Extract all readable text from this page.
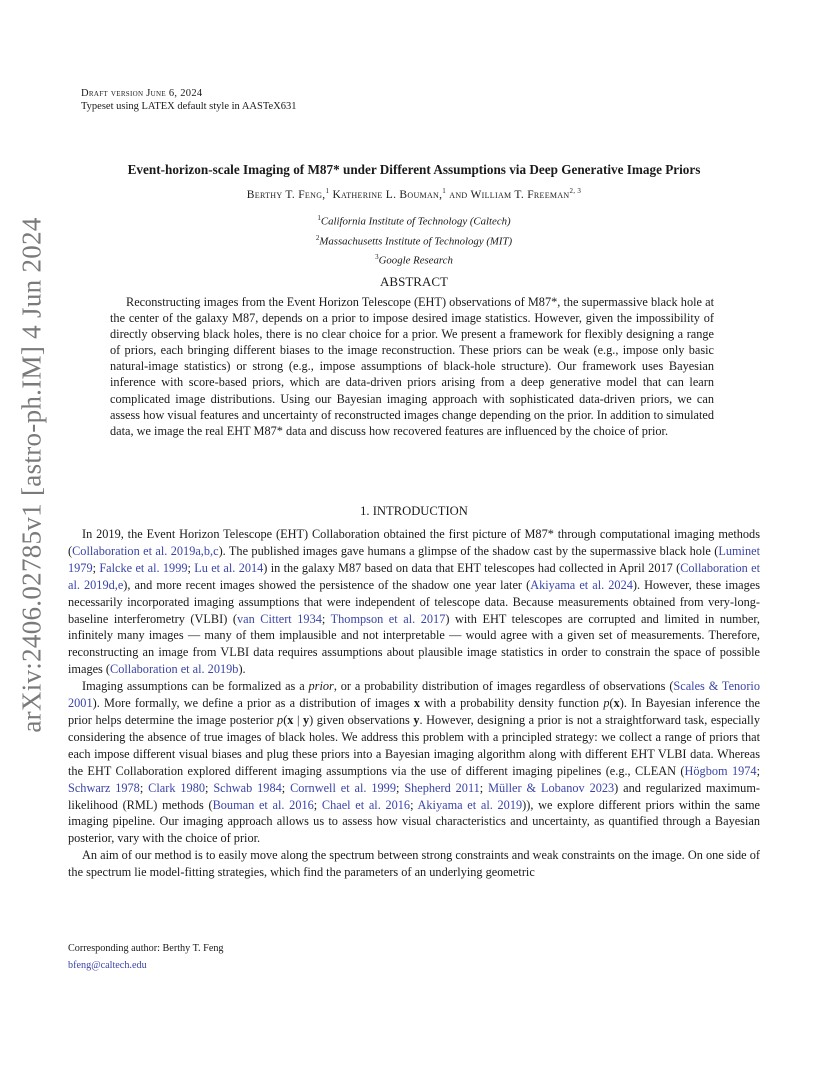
arXiv:2406.02785v1 [astro-ph.IM] 4 Jun 2024
Draft version June 6, 2024
Typeset using LATEX default style in AASTeX631
Event-horizon-scale Imaging of M87* under Different Assumptions via Deep Generative Image Priors
Berthy T. Feng,$^1$ Katherine L. Bouman,$^1$ and William T. Freeman$^{2, 3}$
$^1$California Institute of Technology (Caltech)
$^2$Massachusetts Institute of Technology (MIT)
$^3$Google Research
ABSTRACT

Reconstructing images from the Event Horizon Telescope (EHT) observations of M87*, the supermassive black hole at the center of the galaxy M87, depends on a prior to impose desired image statistics. However, given the impossibility of directly observing black holes, there is no clear choice for a prior. We present a framework for flexibly designing a range of priors, each bringing different biases to the image reconstruction. These priors can be weak (e.g., impose only basic natural-image statistics) or strong (e.g., impose assumptions of black-hole structure). Our framework uses Bayesian inference with score-based priors, which are data-driven priors arising from a deep generative model that can learn complicated image distributions. Using our Bayesian imaging approach with sophisticated data-driven priors, we can assess how visual features and uncertainty of reconstructed images change depending on the prior. In addition to simulated data, we image the real EHT M87* data and discuss how recovered features are influenced by the choice of prior.

1. INTRODUCTION

In 2019, the Event Horizon Telescope (EHT) Collaboration obtained the first picture of M87* through computational imaging methods (Collaboration et al. 2019a,b,c). The published images gave humans a glimpse of the shadow cast by the supermassive black hole (Luminet 1979; Falcke et al. 1999; Lu et al. 2014) in the galaxy M87 based on data that EHT telescopes had collected in April 2017 (Collaboration et al. 2019d,e), and more recent images showed the persistence of the shadow one year later (Akiyama et al. 2024). However, these images necessarily incorporated imaging assumptions that were independent of telescope data. Because measurements obtained from very-long-baseline interferometry (VLBI) (van Cittert 1934; Thompson et al. 2017) with EHT telescopes are corrupted and limited in number, infinitely many images — many of them implausible and not interpretable — would agree with a given set of measurements. Therefore, reconstructing an image from VLBI data requires assumptions about plausible image statistics in order to constrain the space of possible images (Collaboration et al. 2019b).

Imaging assumptions can be formalized as a prior, or a probability distribution of images regardless of observations (Scales & Tenorio 2001). More formally, we define a prior as a distribution of images x with a probability density function p(x). In Bayesian inference the prior helps determine the image posterior p(x | y) given observations y. However, designing a prior is not a straightforward task, especially considering the absence of true images of black holes. We address this problem with a principled strategy: we collect a range of priors that each impose different visual biases and plug these priors into a Bayesian imaging algorithm along with different EHT VLBI data. Whereas the EHT Collaboration explored different imaging assumptions via the use of different imaging pipelines (e.g., CLEAN (Högbom 1974; Schwarz 1978; Clark 1980; Schwab 1984; Cornwell et al. 1999; Shepherd 2011; Müller & Lobanov 2023) and regularized maximum-likelihood (RML) methods (Bouman et al. 2016; Chael et al. 2016; Akiyama et al. 2019)), we explore different priors within the same imaging pipeline. Our imaging approach allows us to assess how visual characteristics and uncertainty, as quantified through a Bayesian posterior, vary with the choice of prior.

An aim of our method is to easily move along the spectrum between strong constraints and weak constraints on the image. On one side of the spectrum lie model-fitting strategies, which find the parameters of an underlying geometric

Corresponding author: Berthy T. Feng
bfeng@caltech.edu
